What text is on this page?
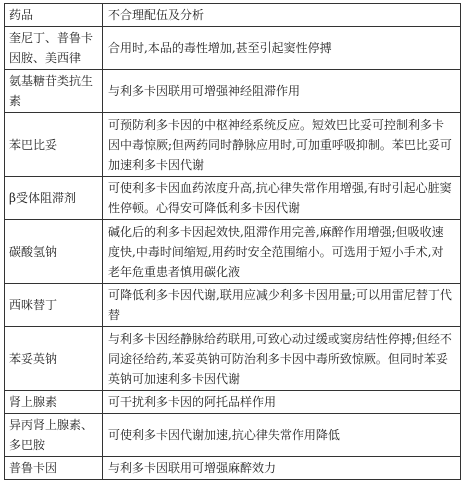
药品	不合理配伍及分析
奎尼丁、普鲁卡因胺、美西律	合用时,本品的毒性增加,甚至引起窦性停搏
氨基糖苷类抗生素	与利多卡因联用可增强神经阻滞作用
苯巴比妥	可预防利多卡因的中枢神经系统反应。短效巴比妥可控制利多卡因中毒惊厥;但两药同时静脉应用时,可加重呼吸抑制。苯巴比妥可加速利多卡因代谢
β受体阻滞剂	可使利多卡因血药浓度升高,抗心律失常作用增强,有时引起心脏窦性停顿。心得安可降低利多卡因代谢
碳酸氢钠	碱化后的利多卡因起效快,阻滞作用完善,麻醉作用增强;但吸收速度快,中毒时间缩短,用药时安全范围缩小。可选用于短小手术,对老年危重患者慎用碳化液
西咪替丁	可降低利多卡因代谢,联用应减少利多卡因用量;可以用雷尼替丁代替
苯妥英钠	与利多卡因经静脉给药联用,可致心动过缓或窦房结性停搏;但经不同途径给药,苯妥英钠可防治利多卡因中毒所致惊厥。但同时苯妥英钠可加速利多卡因代谢
肾上腺素	可干扰利多卡因的阿托品样作用
异丙肾上腺素、多巴胺	可使利多卡因代谢加速,抗心律失常作用降低
普鲁卡因	与利多卡因联用可增强麻醉效力
